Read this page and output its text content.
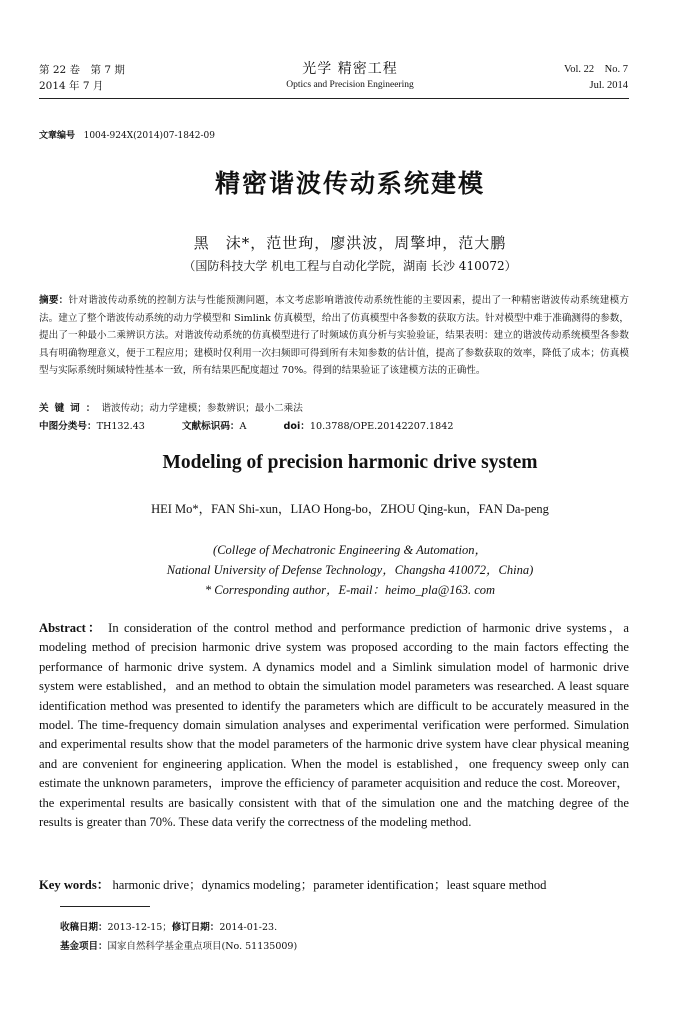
第 22 卷　第 7 期
2014 年 7 月
光学 精密工程
Optics and Precision Engineering
Vol. 22　No. 7
Jul. 2014
文章编号 1004-924X(2014)07-1842-09
精密谐波传动系统建模
黑　沫*，范世珣，廖洪波，周擎坤，范大鹏
（国防科技大学 机电工程与自动化学院，湖南 长沙 410072）
摘要：针对谐波传动系统的控制方法与性能预测问题，本文考虑影响谐波传动系统性能的主要因素，提出了一种精密谐波传动系统建模方法。建立了整个谐波传动系统的动力学模型和 Simlink 仿真模型，给出了仿真模型中各参数的获取方法。针对模型中难于准确测得的参数，提出了一种最小二乘辨识方法。对谐波传动系统的仿真模型进行了时频域仿真分析与实验验证，结果表明：建立的谐波传动系统模型各参数具有明确物理意义，便于工程应用；建模时仅利用一次扫频即可得到所有未知参数的估计值，提高了参数获取的效率，降低了成本；仿真模型与实际系统时频域特性基本一致，所有结果匹配度超过 70%。得到的结果验证了该建模方法的正确性。
关键词：谐波传动；动力学建模；参数辨识；最小二乘法
中图分类号：TH132.43	文献标识码：A	doi：10.3788/OPE.20142207.1842
Modeling of precision harmonic drive system
HEI Mo*，FAN Shi-xun，LIAO Hong-bo，ZHOU Qing-kun，FAN Da-peng
(College of Mechatronic Engineering & Automation，
National University of Defense Technology，Changsha 410072，China)
* Corresponding author，E-mail：heimo_pla@163. com
Abstract： In consideration of the control method and performance prediction of harmonic drive systems，a modeling method of precision harmonic drive system was proposed according to the main factors effecting the performance of harmonic drive system. A dynamics model and a Simlink simulation model of harmonic drive system were established，and an method to obtain the simulation model parameters was researched. A least square identification method was presented to identify the parameters which are difficult to be accurately measured in the model. The time-frequency domain simulation analyses and experimental verification were performed. Simulation and experimental results show that the model parameters of the harmonic drive system have clear physical meaning and are convenient for engineering application. When the model is established，one frequency sweep only can estimate the unknown parameters，improve the efficiency of parameter acquisition and reduce the cost. Moreover，the experimental results are basically consistent with that of the simulation one and the matching degree of the results is greater than 70%. These data verify the correctness of the modeling method.
Key words： harmonic drive；dynamics modeling；parameter identification；least square method
收稿日期：2013-12-15；修订日期：2014-01-23.
基金项目：国家自然科学基金重点项目(No. 51135009)
